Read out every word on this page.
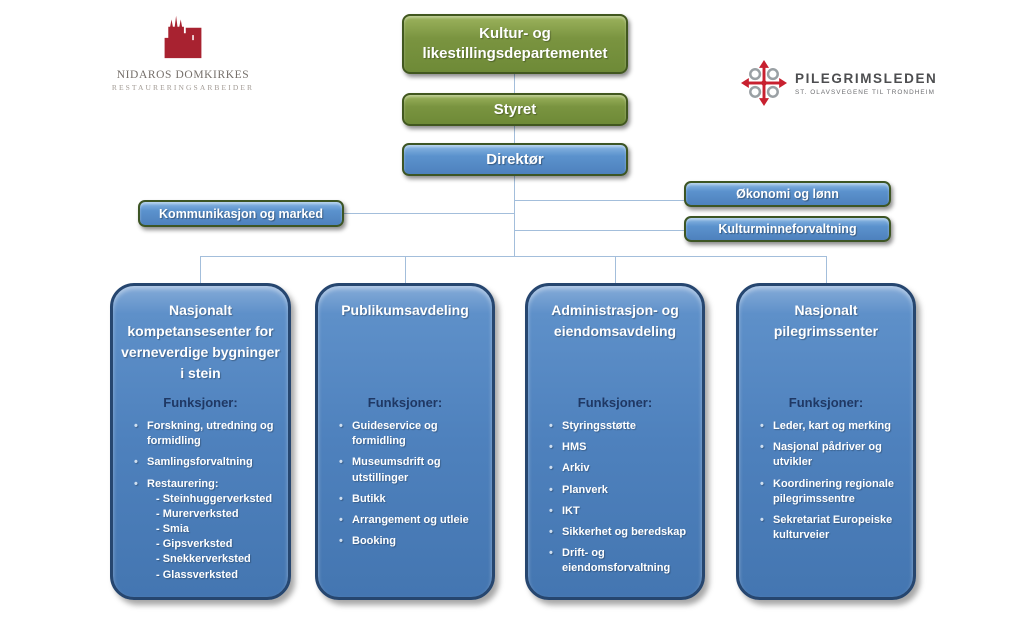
NIDAROS DOMKIRKES
RESTAURERINGSARBEIDER
PILEGRIMSLEDEN
ST. OLAVSVEGENE TIL TRONDHEIM
Kultur- og likestillingsdepartementet
Styret
Direktør
Kommunikasjon og marked
Økonomi og lønn
Kulturminneforvaltning
Nasjonalt kompetansesenter for verneverdige bygninger i stein
Funksjoner:
• Forskning, utredning og formidling
• Samlingsforvaltning
• Restaurering:
- Steinhuggerverksted
- Murerverksted
- Smia
- Gipsverksted
- Snekkerverksted
- Glassverksted
Publikumsavdeling
Funksjoner:
• Guideservice og formidling
• Museumsdrift og utstillinger
• Butikk
• Arrangement og utleie
• Booking
Administrasjon- og eiendomsavdeling
Funksjoner:
• Styringsstøtte
• HMS
• Arkiv
• Planverk
• IKT
• Sikkerhet og beredskap
• Drift- og eiendomsforvaltning
Nasjonalt pilegrimssenter
Funksjoner:
• Leder, kart og merking
• Nasjonal pådriver og utvikler
• Koordinering regionale pilegrimssentre
• Sekretariat Europeiske kulturveier
